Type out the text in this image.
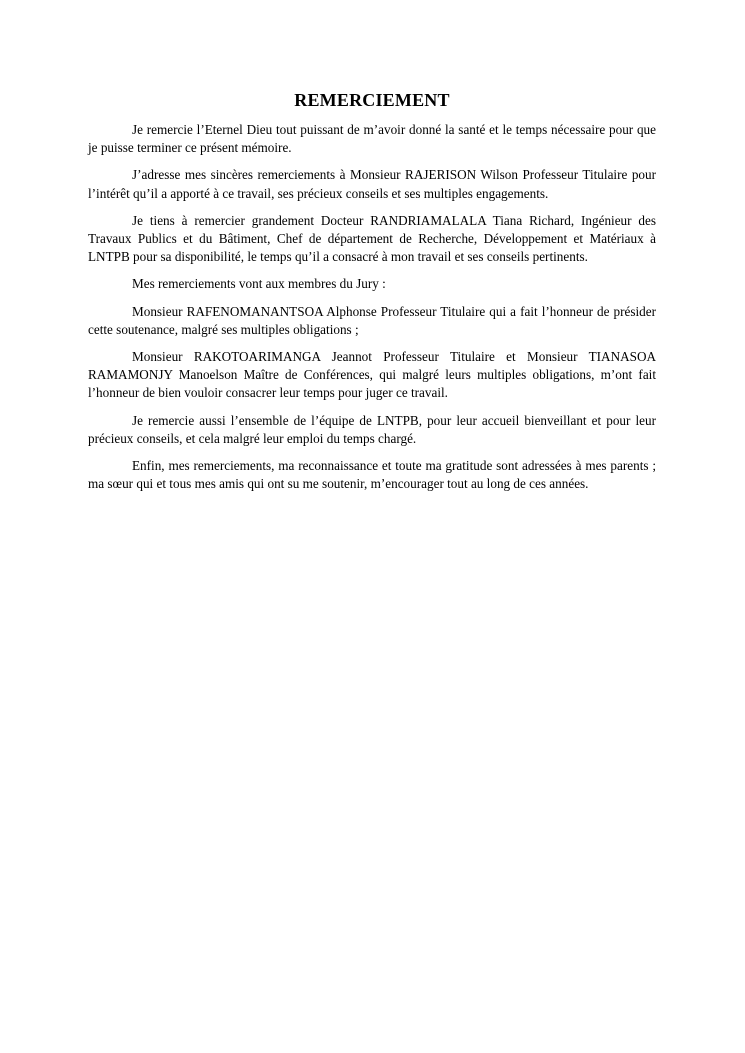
REMERCIEMENT

Je remercie l’Eternel Dieu tout puissant de m’avoir donné la santé et le temps nécessaire pour que je puisse terminer ce présent mémoire.

J’adresse mes sincères remerciements à Monsieur RAJERISON Wilson Professeur Titulaire pour l’intérêt qu’il a apporté à ce travail, ses précieux conseils et ses multiples engagements.

Je tiens à remercier grandement Docteur RANDRIAMALALA Tiana Richard, Ingénieur des Travaux Publics et du Bâtiment, Chef de département de Recherche, Développement et Matériaux à LNTPB pour sa disponibilité, le temps qu’il a consacré à mon travail et ses conseils pertinents.

Mes remerciements vont aux membres du Jury :

Monsieur RAFENOMANANTSOA Alphonse Professeur Titulaire qui a fait l’honneur de présider cette soutenance, malgré ses multiples obligations ;

Monsieur RAKOTOARIMANGA Jeannot Professeur Titulaire et Monsieur TIANASOA RAMAMONJY Manoelson Maître de Conférences, qui malgré leurs multiples obligations, m’ont fait l’honneur de bien vouloir consacrer leur temps pour juger ce travail.

Je remercie aussi l’ensemble de l’équipe de LNTPB, pour leur accueil bienveillant et pour leur précieux conseils, et cela malgré leur emploi du temps chargé.

Enfin, mes remerciements, ma reconnaissance et toute ma gratitude sont adressées à mes parents ; ma sœur qui et tous mes amis qui ont su me soutenir, m’encourager tout au long de ces années.
